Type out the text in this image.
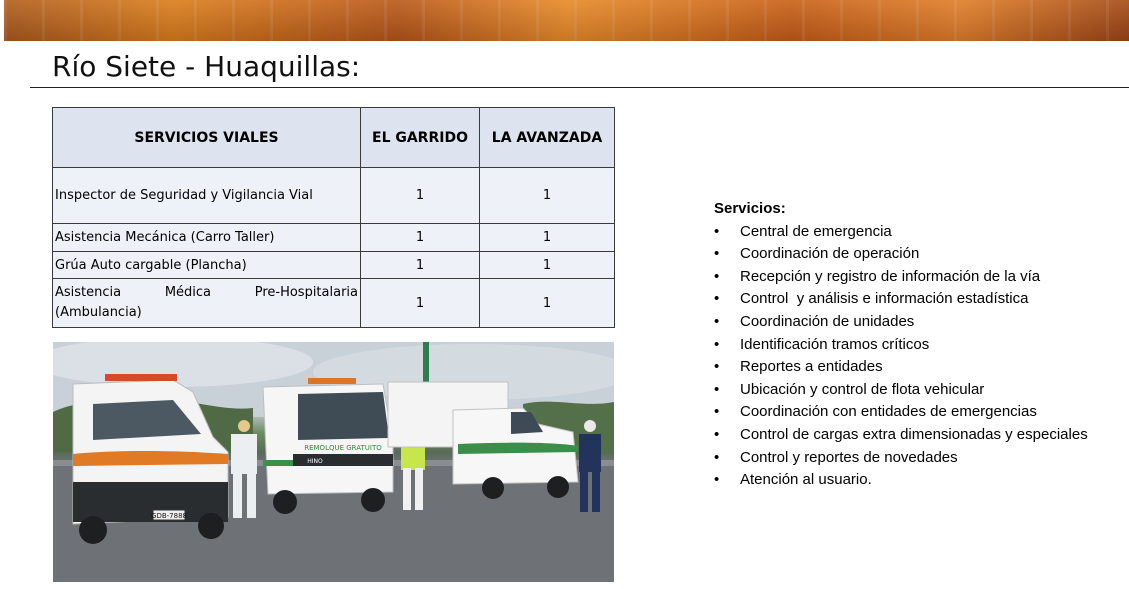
Río Siete - Huaquillas:
SERVICIOS VIALES	EL GARRIDO	LA AVANZADA
Inspector de Seguridad y Vigilancia Vial	1	1
Asistencia Mecánica (Carro Taller)	1	1
Grúa Auto cargable (Plancha)	1	1
Asistencia Médica Pre-Hospitalaria (Ambulancia)	1	1
GDB-7888
REMOLQUE GRATUITO
HINO
Servicios:
• Central de emergencia
• Coordinación de operación
• Recepción y registro de información de la vía
• Control  y análisis e información estadística
• Coordinación de unidades
• Identificación tramos críticos
• Reportes a entidades
• Ubicación y control de flota vehicular
• Coordinación con entidades de emergencias
• Control de cargas extra dimensionadas y especiales
• Control y reportes de novedades
• Atención al usuario.
